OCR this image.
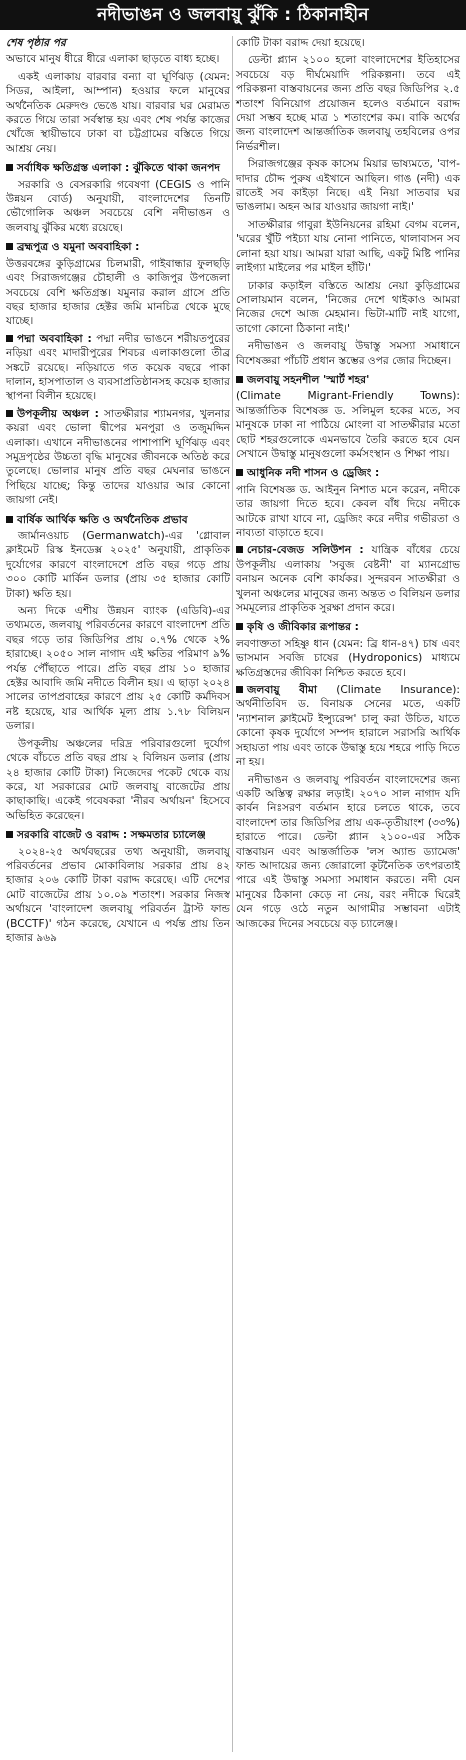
নদীভাঙন ও জলবায়ু ঝুঁকি : ঠিকানাহীন
শেষ পৃষ্ঠার পর

অভাবে মানুষ ধীরে ধীরে এলাকা ছাড়তে বাধ্য হচ্ছে।

একই এলাকায় বারবার বন্যা বা ঘূর্ণিঝড় (যেমন: সিডর, আইলা, আম্পান) হওয়ার ফলে মানুষের অর্থনৈতিক মেরুদণ্ড ভেঙে যায়। বারবার ঘর মেরামত করতে গিয়ে তারা সর্বস্বান্ত হয় এবং শেষ পর্যন্ত কাজের খোঁজে স্থায়ীভাবে ঢাকা বা চট্টগ্রামের বস্তিতে গিয়ে আশ্রয় নেয়।

সর্বাধিক ক্ষতিগ্রস্ত এলাকা : ঝুঁকিতে থাকা জনপদ

সরকারি ও বেসরকারি গবেষণা (CEGIS ও পানি উন্নয়ন বোর্ড) অনুযায়ী, বাংলাদেশের তিনটি ভৌগোলিক অঞ্চল সবচেয়ে বেশি নদীভাঙন ও জলবায়ু ঝুঁকির মধ্যে রয়েছে।

ব্রহ্মপুত্র ও যমুনা অববাহিকা :

উত্তরবঙ্গের কুড়িগ্রামের চিলমারী, গাইবান্ধার ফুলছড়ি এবং সিরাজগঞ্জের চৌহালী ও কাজিপুর উপজেলা সবচেয়ে বেশি ক্ষতিগ্রস্ত। যমুনার করাল গ্রাসে প্রতি বছর হাজার হাজার হেক্টর জমি মানচিত্র থেকে মুছে যাচ্ছে।

পদ্মা অববাহিকা : পদ্মা নদীর ভাঙনে শরীয়তপুরের নড়িয়া এবং মাদারীপুরের শিবচর এলাকাগুলো তীব্র সঙ্কটে রয়েছে। নড়িয়াতে গত কয়েক বছরে পাকা দালান, হাসপাতাল ও ব্যবসাপ্রতিষ্ঠানসহ কয়েক হাজার স্থাপনা বিলীন হয়েছে।

উপকূলীয় অঞ্চল : সাতক্ষীরার শ্যামনগর, খুলনার কয়রা এবং ভোলা দ্বীপের মনপুরা ও তজুমদ্দিন এলাকা। এখানে নদীভাঙনের পাশাপাশি ঘূর্ণিঝড় এবং সমুদ্রপৃষ্ঠের উচ্চতা বৃদ্ধি মানুষের জীবনকে অতিষ্ঠ করে তুলেছে। ভোলার মানুষ প্রতি বছর মেঘনার ভাঙনে পিছিয়ে যাচ্ছে; কিন্তু তাদের যাওয়ার আর কোনো জায়গা নেই।

বার্ষিক আর্থিক ক্ষতি ও অর্থনৈতিক প্রভাব

জার্মানওয়াচ (Germanwatch)-এর 'গ্লোবাল ক্লাইমেট রিস্ক ইনডেক্স ২০২৫' অনুযায়ী, প্রাকৃতিক দুর্যোগের কারণে বাংলাদেশে প্রতি বছর গড়ে প্রায় ৩০০ কোটি মার্কিন ডলার (প্রায় ৩৫ হাজার কোটি টাকা) ক্ষতি হয়।

অন্য দিকে এশীয় উন্নয়ন ব্যাংক (এডিবি)-এর তথ্যমতে, জলবায়ু পরিবর্তনের কারণে বাংলাদেশ প্রতি বছর গড়ে তার জিডিপির প্রায় ০.৭% থেকে ২% হারাচ্ছে। ২০৫০ সাল নাগাদ এই ক্ষতির পরিমাণ ৯% পর্যন্ত পৌঁছাতে পারে। প্রতি বছর প্রায় ১০ হাজার হেক্টর আবাদি জমি নদীতে বিলীন হয়। এ ছাড়া ২০২৪ সালের তাপপ্রবাহের কারণে প্রায় ২৫ কোটি কর্মদিবস নষ্ট হয়েছে, যার আর্থিক মূল্য প্রায় ১.৭৮ বিলিয়ন ডলার।

উপকূলীয় অঞ্চলের দরিদ্র পরিবারগুলো দুর্যোগ থেকে বাঁচতে প্রতি বছর প্রায় ২ বিলিয়ন ডলার (প্রায় ২৪ হাজার কোটি টাকা) নিজেদের পকেট থেকে ব্যয় করে, যা সরকারের মোট জলবায়ু বাজেটের প্রায় কাছাকাছি। একেই গবেষকরা 'নীরব অর্থায়ন' হিসেবে অভিহিত করেছেন।

সরকারি বাজেট ও বরাদ্দ : সক্ষমতার চ্যালেঞ্জ

২০২৪-২৫ অর্থবছরের তথ্য অনুযায়ী, জলবায়ু পরিবর্তনের প্রভাব মোকাবিলায় সরকার প্রায় ৪২ হাজার ২০৬ কোটি টাকা বরাদ্দ করেছে। এটি দেশের মোট বাজেটের প্রায় ১০.০৯ শতাংশ। সরকার নিজস্ব অর্থায়নে 'বাংলাদেশ জলবায়ু পরিবর্তন ট্রাস্ট ফান্ড (BCCTF)' গঠন করেছে, যেখানে এ পর্যন্ত প্রায় তিন হাজার ৯৬৯

কোটি টাকা বরাদ্দ দেয়া হয়েছে।

ডেল্টা প্ল্যান ২১০০ হলো বাংলাদেশের ইতিহাসের সবচেয়ে বড় দীর্ঘমেয়াদি পরিকল্পনা। তবে এই পরিকল্পনা বাস্তবায়নের জন্য প্রতি বছর জিডিপির ২.৫ শতাংশ বিনিয়োগ প্রয়োজন হলেও বর্তমানে বরাদ্দ দেয়া সম্ভব হচ্ছে মাত্র ১ শতাংশের কম। বাকি অর্থের জন্য বাংলাদেশ আন্তর্জাতিক জলবায়ু তহবিলের ওপর নির্ভরশীল।

সিরাজগঞ্জের কৃষক কাসেম মিয়ার ভাষ্যমতে, 'বাপ-দাদার চৌদ্দ পুরুষ এইখানে আছিল। গাঙ (নদী) এক রাতেই সব কাইড়া নিছে। এই নিয়া সাতবার ঘর ভাঙলাম। অহন আর যাওয়ার জায়গা নাই।'

সাতক্ষীরার গাবুরা ইউনিয়নের রহিমা বেগম বলেন, 'ঘরের খুঁটি পইচ্যা যায় নোনা পানিতে, থালাবাসন সব লোনা হয়া যায়। আমরা যারা আছি, একটু মিষ্টি পানির লাইগ্যা মাইলের পর মাইল হাঁটি।'

ঢাকার কড়াইল বস্তিতে আশ্রয় নেয়া কুড়িগ্রামের সোলায়মান বলেন, 'নিজের দেশে থাইকাও আমরা নিজের দেশে আজ মেহমান। ভিটা-মাটি নাই যাগো, তাগো কোনো ঠিকানা নাই।'

নদীভাঙন ও জলবায়ু উদ্বাস্তু সমস্যা সমাধানে বিশেষজ্ঞরা পাঁচটি প্রধান স্তম্ভের ওপর জোর দিচ্ছেন।

জলবায়ু সহনশীল 'স্মার্ট শহর'

(Climate Migrant-Friendly Towns): আন্তর্জাতিক বিশেষজ্ঞ ড. সলিমুল হকের মতে, সব মানুষকে ঢাকা না পাঠিয়ে মোংলা বা সাতক্ষীরার মতো ছোট শহরগুলোকে এমনভাবে তৈরি করতে হবে যেন সেখানে উদ্বাস্তু মানুষগুলো কর্মসংস্থান ও শিক্ষা পায়।

আধুনিক নদী শাসন ও ড্রেজিং :

পানি বিশেষজ্ঞ ড. আইনুন নিশাত মনে করেন, নদীকে তার জায়গা দিতে হবে। কেবল বাঁধ দিয়ে নদীকে আটকে রাখা যাবে না, ড্রেজিং করে নদীর গভীরতা ও নাব্যতা বাড়াতে হবে।

নেচার-বেজড সলিউশন : যান্ত্রিক বাঁধের চেয়ে উপকূলীয় এলাকায় 'সবুজ বেষ্টনী' বা ম্যানগ্রোভ বনায়ন অনেক বেশি কার্যকর। সুন্দরবন সাতক্ষীরা ও খুলনা অঞ্চলের মানুষের জন্য অন্তত ৩ বিলিয়ন ডলার সমমূল্যের প্রাকৃতিক সুরক্ষা প্রদান করে।

কৃষি ও জীবিকার রূপান্তর :

লবণাক্ততা সহিষ্ণু ধান (যেমন: ব্রি ধান-৪৭) চাষ এবং ভাসমান সবজি চাষের (Hydroponics) মাধ্যমে ক্ষতিগ্রস্তদের জীবিকা নিশ্চিত করতে হবে।

জলবায়ু বীমা (Climate Insurance): অর্থনীতিবিদ ড. বিনায়ক সেনের মতে, একটি 'ন্যাশনাল ক্লাইমেট ইন্স্যুরেন্স' চালু করা উচিত, যাতে কোনো কৃষক দুর্যোগে সম্পদ হারালে সরাসরি আর্থিক সহায়তা পায় এবং তাকে উদ্বাস্তু হয়ে শহরে পাড়ি দিতে না হয়।

নদীভাঙন ও জলবায়ু পরিবর্তন বাংলাদেশের জন্য একটি অস্তিত্ব রক্ষার লড়াই। ২০৭০ সাল নাগাদ যদি কার্বন নিঃসরণ বর্তমান হারে চলতে থাকে, তবে বাংলাদেশ তার জিডিপির প্রায় এক-তৃতীয়াংশ (৩৩%) হারাতে পারে। ডেল্টা প্ল্যান ২১০০-এর সঠিক বাস্তবায়ন এবং আন্তর্জাতিক 'লস অ্যান্ড ড্যামেজ' ফান্ড আদায়ের জন্য জোরালো কূটনৈতিক তৎপরতাই পারে এই উদ্বাস্তু সমস্যা সমাধান করতে। নদী যেন মানুষের ঠিকানা কেড়ে না নেয়, বরং নদীকে ঘিরেই যেন গড়ে ওঠে নতুন আগামীর সম্ভাবনা এটাই আজকের দিনের সবচেয়ে বড় চ্যালেঞ্জ।
